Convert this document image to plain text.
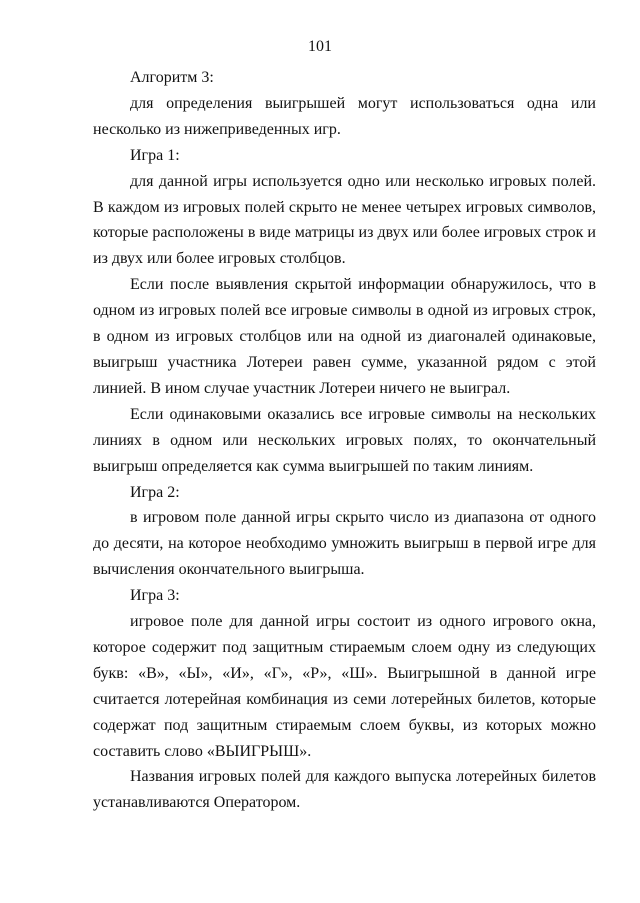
101

Алгоритм 3:

для определения выигрышей могут использоваться одна или несколько из нижеприведенных игр.

Игра 1:

для данной игры используется одно или несколько игровых полей. В каждом из игровых полей скрыто не менее четырех игровых символов, которые расположены в виде матрицы из двух или более игровых строк и из двух или более игровых столбцов.

Если после выявления скрытой информации обнаружилось, что в одном из игровых полей все игровые символы в одной из игровых строк, в одном из игровых столбцов или на одной из диагоналей одинаковые, выигрыш участника Лотереи равен сумме, указанной рядом с этой линией. В ином случае участник Лотереи ничего не выиграл.

Если одинаковыми оказались все игровые символы на нескольких линиях в одном или нескольких игровых полях, то окончательный выигрыш определяется как сумма выигрышей по таким линиям.

Игра 2:

в игровом поле данной игры скрыто число из диапазона от одного до десяти, на которое необходимо умножить выигрыш в первой игре для вычисления окончательного выигрыша.

Игра 3:

игровое поле для данной игры состоит из одного игрового окна, которое содержит под защитным стираемым слоем одну из следующих букв: «В», «Ы», «И», «Г», «Р», «Ш». Выигрышной в данной игре считается лотерейная комбинация из семи лотерейных билетов, которые содержат под защитным стираемым слоем буквы, из которых можно составить слово «ВЫИГРЫШ».

Названия игровых полей для каждого выпуска лотерейных билетов устанавливаются Оператором.
